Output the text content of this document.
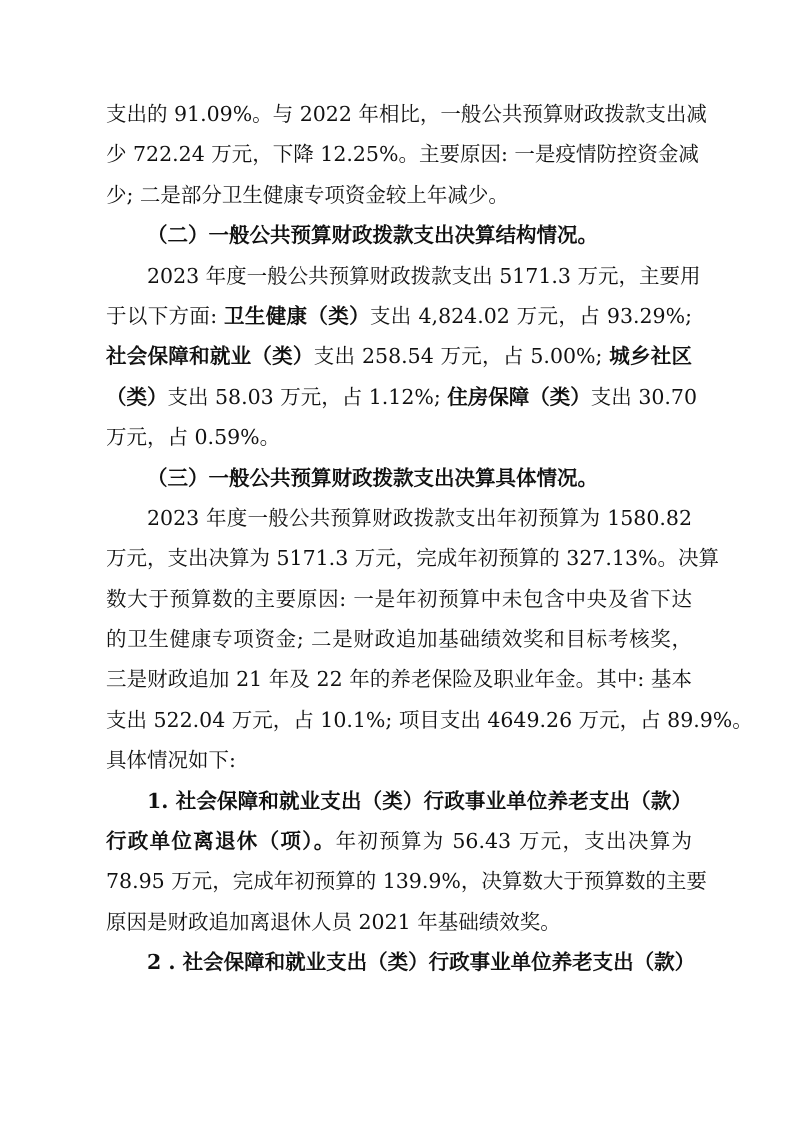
支出的 91.09%。与 2022 年相比，一般公共预算财政拨款支出减
少 722.24 万元，下降 12.25%。主要原因: 一是疫情防控资金减
少; 二是部分卫生健康专项资金较上年减少。
（二）一般公共预算财政拨款支出决算结构情况。
2023 年度一般公共预算财政拨款支出 5171.3 万元，主要用
于以下方面: 卫生健康（类）支出 4,824.02 万元，占 93.29%;
社会保障和就业（类）支出 258.54 万元，占 5.00%; 城乡社区
（类）支出 58.03 万元，占 1.12%; 住房保障（类）支出 30.70
万元，占 0.59%。
（三）一般公共预算财政拨款支出决算具体情况。
2023 年度一般公共预算财政拨款支出年初预算为 1580.82
万元，支出决算为 5171.3 万元，完成年初预算的 327.13%。决算
数大于预算数的主要原因: 一是年初预算中未包含中央及省下达
的卫生健康专项资金; 二是财政追加基础绩效奖和目标考核奖，
三是财政追加 21 年及 22 年的养老保险及职业年金。其中: 基本
支出 522.04 万元，占 10.1%; 项目支出 4649.26 万元，占 89.9%。
具体情况如下:
1. 社会保障和就业支出（类）行政事业单位养老支出（款）
行政单位离退休（项）。年初预算为 56.43 万元，支出决算为
78.95 万元，完成年初预算的 139.9%，决算数大于预算数的主要
原因是财政追加离退休人员 2021 年基础绩效奖。
2 . 社会保障和就业支出（类）行政事业单位养老支出（款）
